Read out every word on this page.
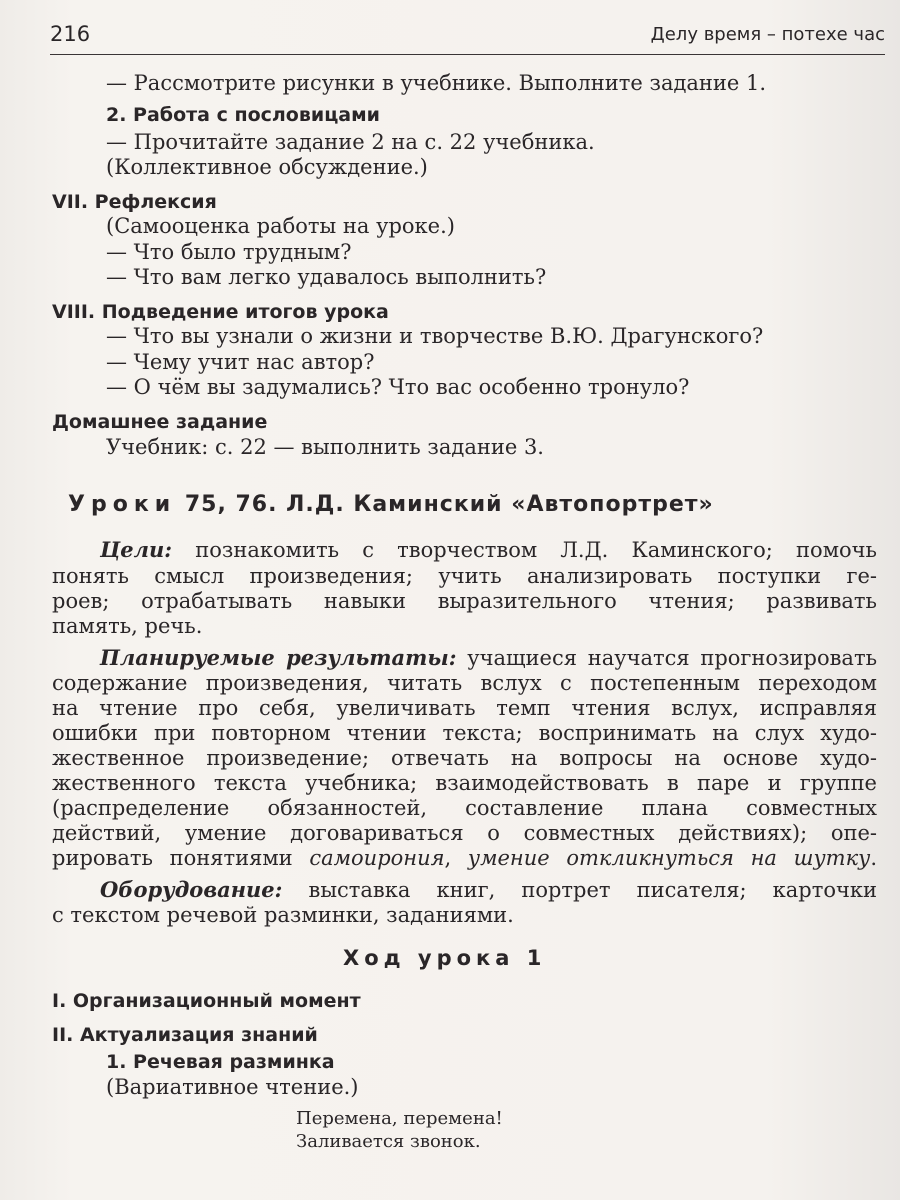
216	Делу время – потехе час
— Рассмотрите рисунки в учебнике. Выполните задание 1.
2. Работа с пословицами
— Прочитайте задание 2 на с. 22 учебника.
(Коллективное обсуждение.)
VII. Рефлексия
(Самооценка работы на уроке.)
— Что было трудным?
— Что вам легко удавалось выполнить?
VIII. Подведение итогов урока
— Что вы узнали о жизни и творчестве В.Ю. Драгунского?
— Чему учит нас автор?
— О чём вы задумались? Что вас особенно тронуло?
Домашнее задание
Учебник: с. 22 — выполнить задание 3.
Уроки 75, 76. Л.Д. Каминский «Автопортрет»
Цели: познакомить с творчеством Л.Д. Каминского; помочь
понять смысл произведения; учить анализировать поступки ге-
роев; отрабатывать навыки выразительного чтения; развивать
память, речь.
Планируемые результаты: учащиеся научатся прогнозировать
содержание произведения, читать вслух с постепенным переходом
на чтение про себя, увеличивать темп чтения вслух, исправляя
ошибки при повторном чтении текста; воспринимать на слух худо-
жественное произведение; отвечать на вопросы на основе худо-
жественного текста учебника; взаимодействовать в паре и группе
(распределение обязанностей, составление плана совместных
действий, умение договариваться о совместных действиях); опе-
рировать понятиями самоирония, умение откликнуться на шутку.
Оборудование: выставка книг, портрет писателя; карточки
с текстом речевой разминки, заданиями.
Ход урока 1
I. Организационный момент
II. Актуализация знаний
1. Речевая разминка
(Вариативное чтение.)
Перемена, перемена!
Заливается звонок.
